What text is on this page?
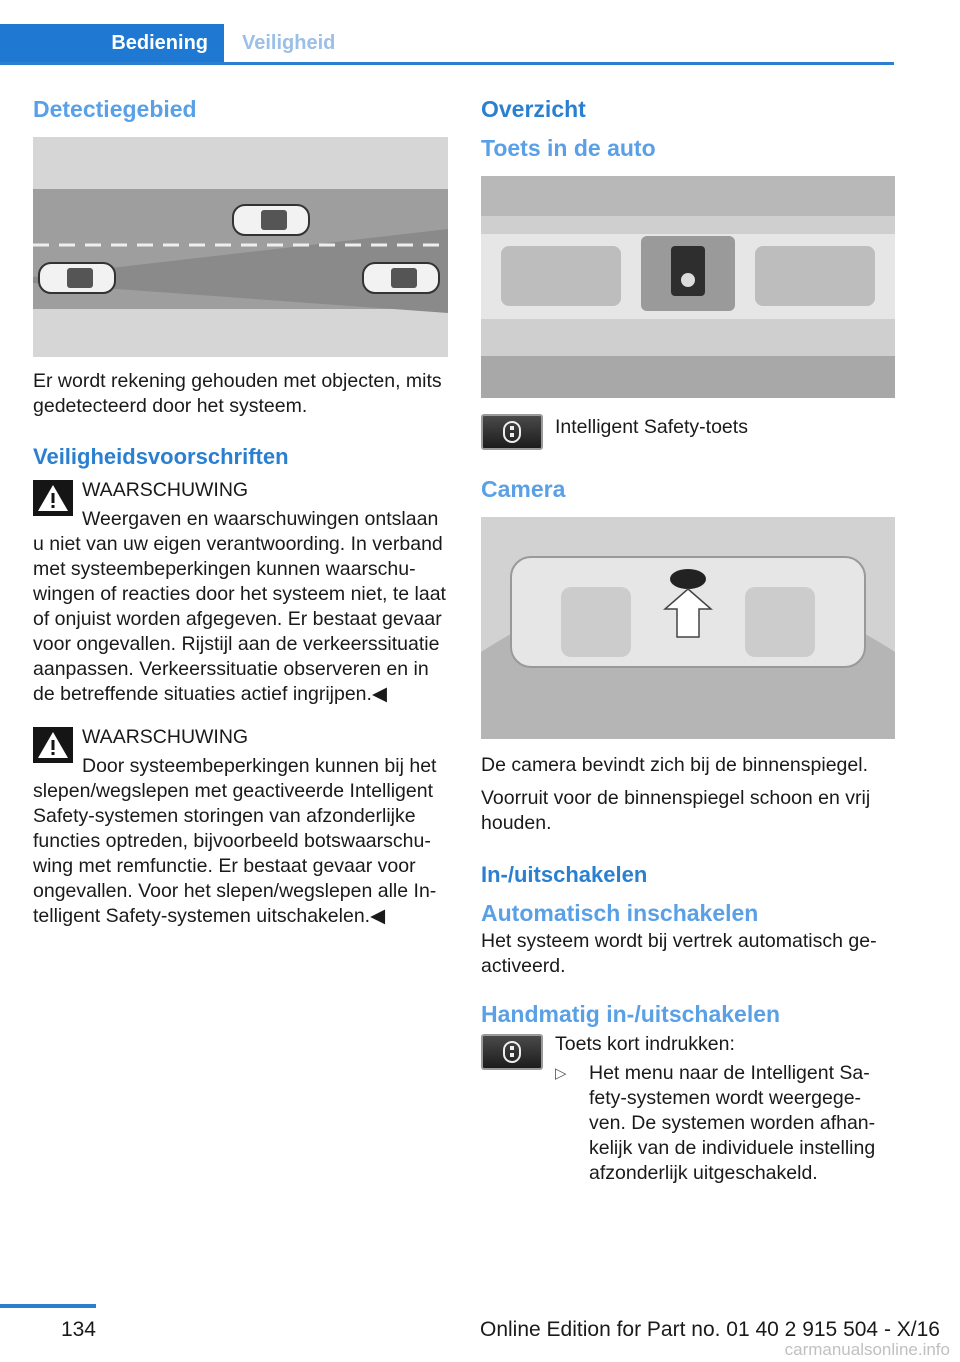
Bediening	Veiligheid
Detectiegebied

Er wordt rekening gehouden met objecten, mits gedetecteerd door het systeem.

Veiligheidsvoorschriften

WAARSCHUWING

Weergaven en waarschuwingen ontslaan u niet van uw eigen verantwoording. In verband met systeembeperkingen kunnen waarschuwingen of reacties door het systeem niet, te laat of onjuist worden afgegeven. Er bestaat gevaar voor ongevallen. Rijstijl aan de verkeerssituatie aanpassen. Verkeerssituatie observeren en in de betreffende situaties actief ingrijpen.◀

WAARSCHUWING

Door systeembeperkingen kunnen bij het slepen/wegslepen met geactiveerde Intelligent Safety-systemen storingen van afzonderlijke functies optreden, bijvoorbeeld botswaarschuwing met remfunctie. Er bestaat gevaar voor ongevallen. Voor het slepen/wegslepen alle Intelligent Safety-systemen uitschakelen.◀

Overzicht
Toets in de auto

Intelligent Safety-toets

Camera

De camera bevindt zich bij de binnenspiegel.

Voorruit voor de binnenspiegel schoon en vrij houden.

In-/uitschakelen
Automatisch inschakelen

Het systeem wordt bij vertrek automatisch geactiveerd.

Handmatig in-/uitschakelen

Toets kort indrukken:

▷	Het menu naar de Intelligent Safety-systemen wordt weergegeven. De systemen worden afhankelijk van de individuele instelling afzonderlijk uitgeschakeld.

134	Online Edition for Part no. 01 40 2 915 504 - X/16
carmanualsonline.info
